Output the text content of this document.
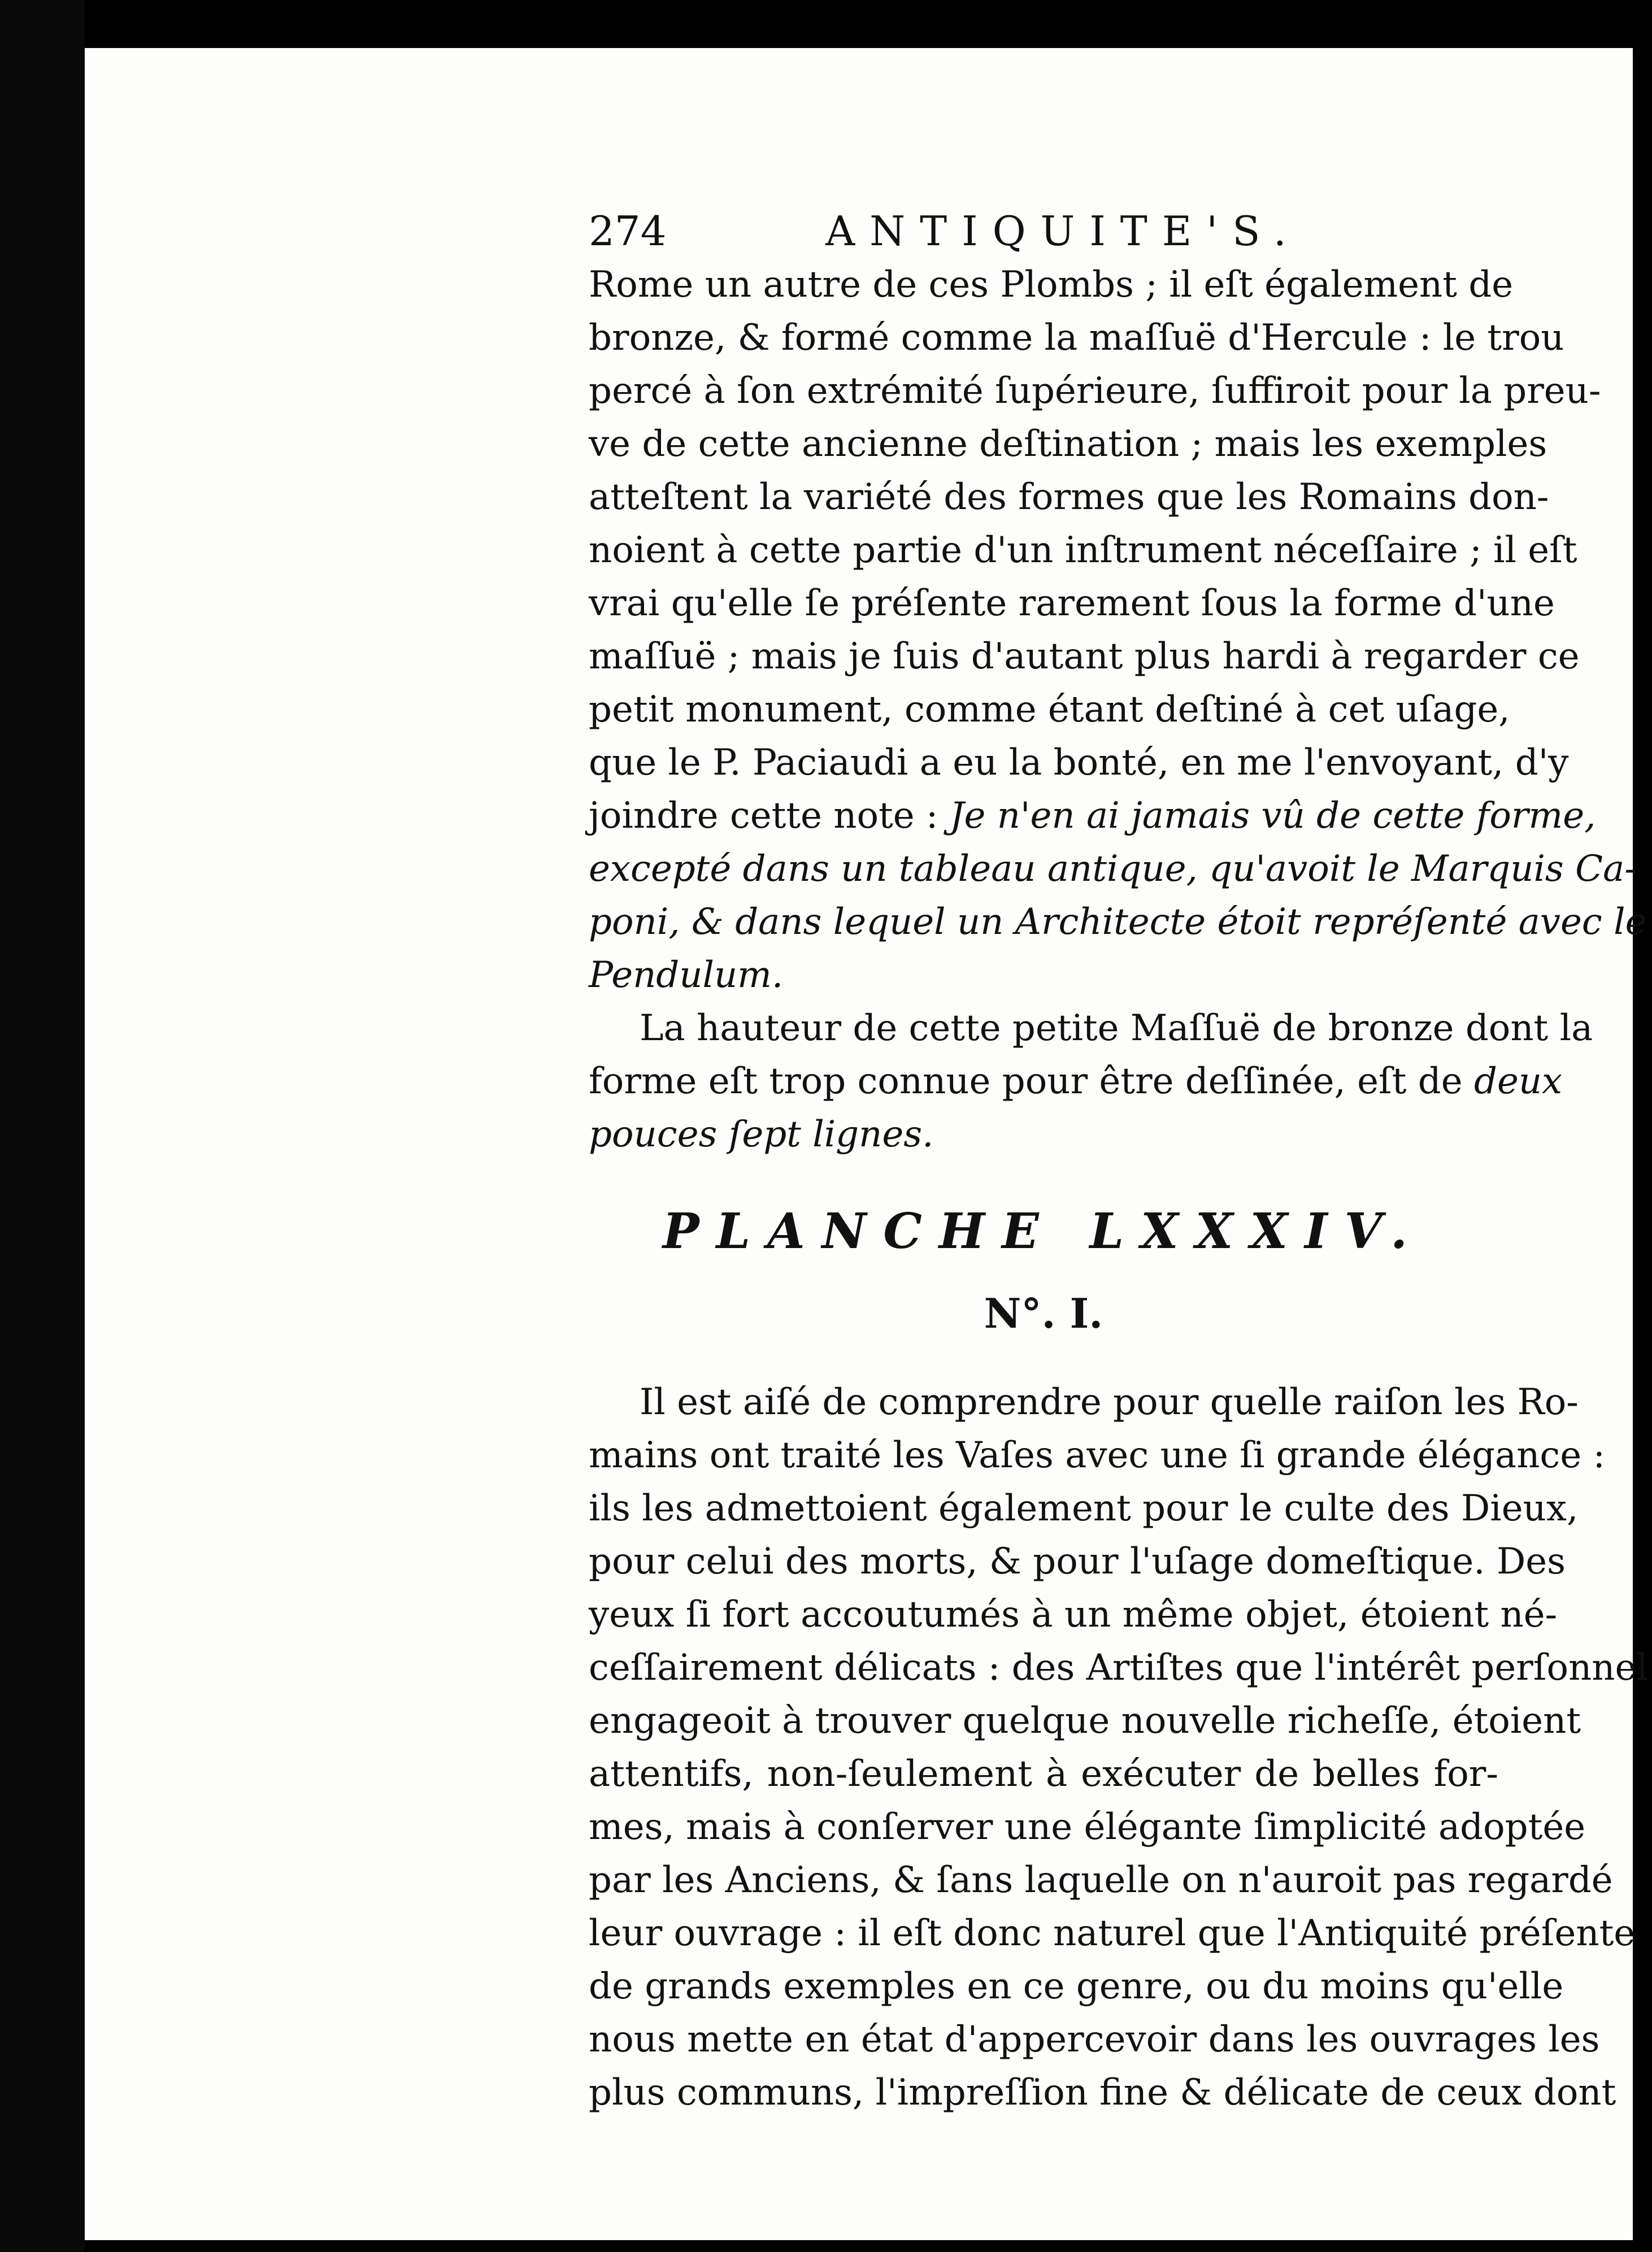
274	ANTIQUITE'S.
Rome un autre de ces Plombs ; il eſt également de
bronze, & formé comme la maſſuë d'Hercule : le trou
percé à ſon extrémité ſupérieure, ſuffiroit pour la preu-
ve de cette ancienne deſtination ; mais les exemples
atteſtent la variété des formes que les Romains don-
noient à cette partie d'un inſtrument néceſſaire ; il eſt
vrai qu'elle ſe préſente rarement ſous la forme d'une
maſſuë ; mais je ſuis d'autant plus hardi à regarder ce
petit monument, comme étant deſtiné à cet uſage,
que le P. Paciaudi a eu la bonté, en me l'envoyant, d'y
joindre cette note : Je n'en ai jamais vû de cette forme,
excepté dans un tableau antique, qu'avoit le Marquis Ca-
poni, & dans lequel un Architecte étoit repréſenté avec le
Pendulum.
La hauteur de cette petite Maſſuë de bronze dont la
forme eſt trop connue pour être deſſinée, eſt de deux
pouces ſept lignes.
PLANCHE LXXXIV.
N°. I.
Il est aiſé de comprendre pour quelle raiſon les Ro-
mains ont traité les Vaſes avec une ſi grande élégance :
ils les admettoient également pour le culte des Dieux,
pour celui des morts, & pour l'uſage domeſtique. Des
yeux ſi fort accoutumés à un même objet, étoient né-
ceſſairement délicats : des Artiſtes que l'intérêt perſonnel
engageoit à trouver quelque nouvelle richeſſe, étoient
attentifs, non-ſeulement à exécuter de belles for-
mes, mais à conſerver une élégante ſimplicité adoptée
par les Anciens, & ſans laquelle on n'auroit pas regardé
leur ouvrage : il eſt donc naturel que l'Antiquité préſente
de grands exemples en ce genre, ou du moins qu'elle
nous mette en état d'appercevoir dans les ouvrages les
plus communs, l'impreſſion fine & délicate de ceux dont
